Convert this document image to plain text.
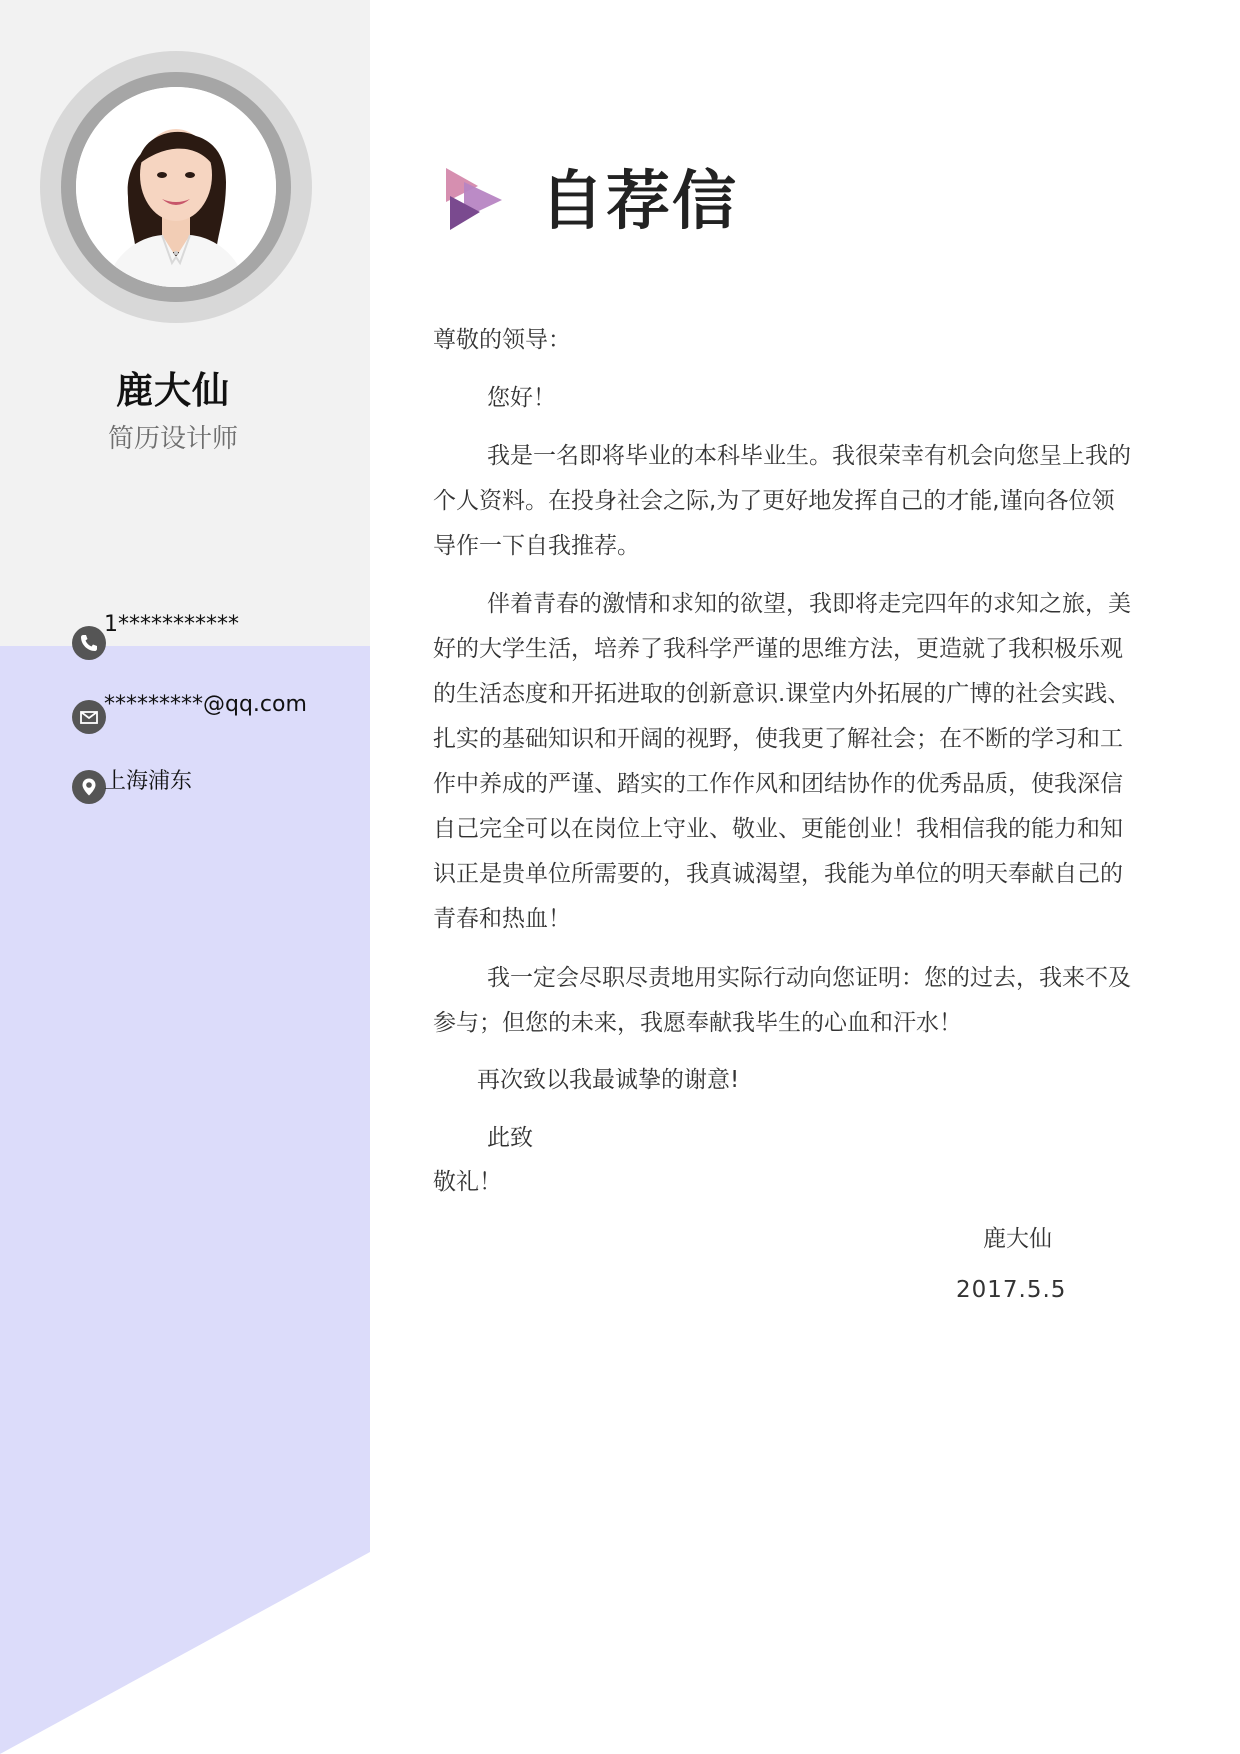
鹿大仙
简历设计师
1***********
*********@qq.com
上海浦东
自荐信

尊敬的领导：

您好！

我是一名即将毕业的本科毕业生。我很荣幸有机会向您呈上我的个人资料。在投身社会之际,为了更好地发挥自己的才能,谨向各位领导作一下自我推荐。

伴着青春的激情和求知的欲望，我即将走完四年的求知之旅，美好的大学生活，培养了我科学严谨的思维方法，更造就了我积极乐观的生活态度和开拓进取的创新意识.课堂内外拓展的广博的社会实践、扎实的基础知识和开阔的视野，使我更了解社会；在不断的学习和工作中养成的严谨、踏实的工作作风和团结协作的优秀品质，使我深信自己完全可以在岗位上守业、敬业、更能创业！我相信我的能力和知识正是贵单位所需要的，我真诚渴望，我能为单位的明天奉献自己的青春和热血！

我一定会尽职尽责地用实际行动向您证明：您的过去，我来不及参与；但您的未来，我愿奉献我毕生的心血和汗水！

再次致以我最诚挚的谢意!

此致

敬礼！

鹿大仙
2017.5.5
